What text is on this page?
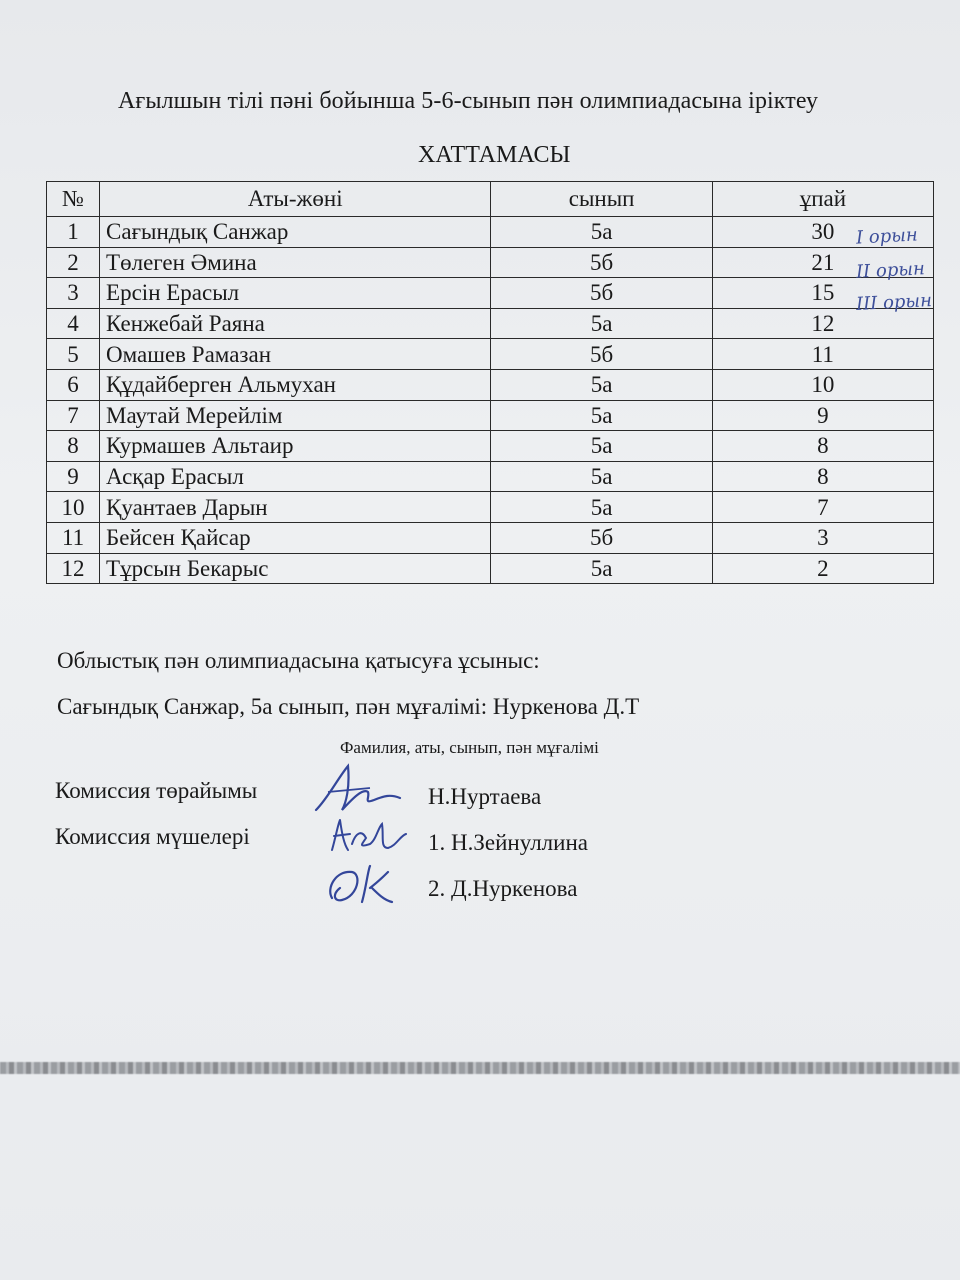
Ағылшын тілі пәні бойынша 5-6-сынып пән олимпиадасына іріктеу
ХАТТАМАСЫ
№	Аты-жөні	сынып	ұпай
1	Сағындық Санжар	5а	30
2	Төлеген Әмина	5б	21
3	Ерсін Ерасыл	5б	15
4	Кенжебай Раяна	5а	12
5	Омашев Рамазан	5б	11
6	Құдайберген Альмухан	5а	10
7	Маутай Мерейлім	5а	9
8	Курмашев Альтаир	5а	8
9	Асқар Ерасыл	5а	8
10	Қуантаев Дарын	5а	7
11	Бейсен Қайсар	5б	3
12	Тұрсын Бекарыс	5а	2
I орын
II орын
III орын
Облыстық пән олимпиадасына қатысуға ұсыныс:
Сағындық Санжар, 5а сынып, пән мұғалімі: Нуркенова Д.Т
Фамилия, аты, сынып, пән мұғалімі
Комиссия төрайымы	Н.Нуртаева
Комиссия мүшелері	1. Н.Зейнуллина
2. Д.Нуркенова
